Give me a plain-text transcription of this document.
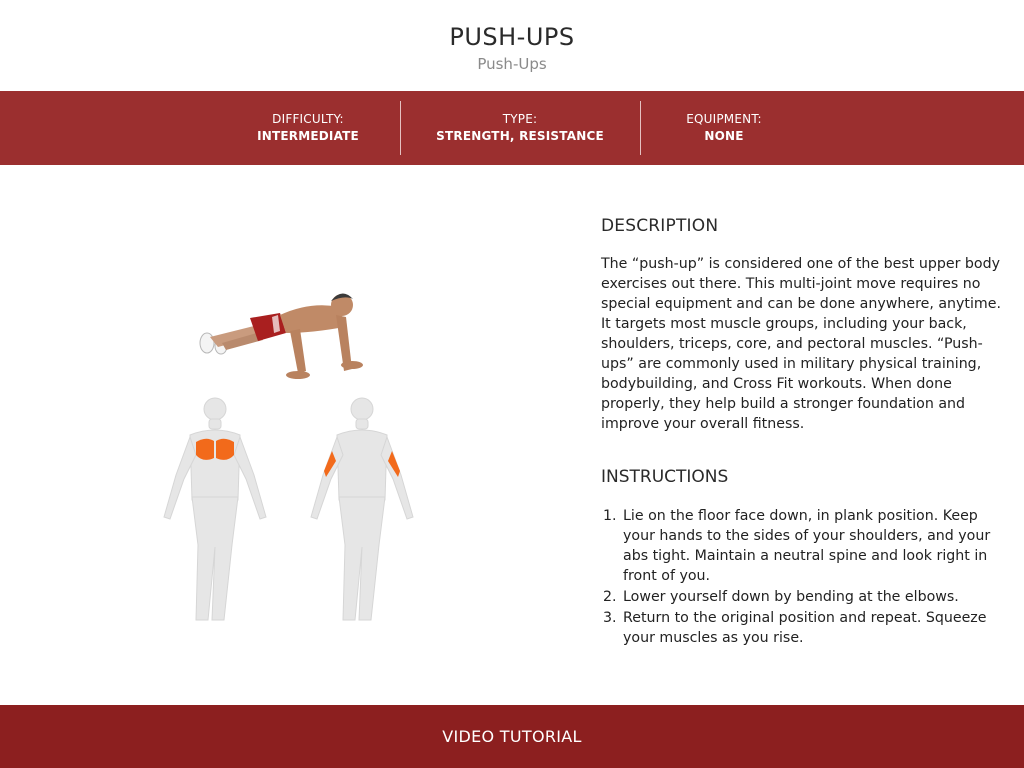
PUSH-UPS
Push-Ups
DIFFICULTY:
INTERMEDIATE
TYPE:
STRENGTH, RESISTANCE
EQUIPMENT:
NONE
DESCRIPTION
The “push-up” is considered one of the best upper body exercises out there. This multi-joint move requires no special equipment and can be done anywhere, anytime. It targets most muscle groups, including your back, shoulders, triceps, core, and pectoral muscles. “Push-ups” are commonly used in military physical training, bodybuilding, and Cross Fit workouts. When done properly, they help build a stronger foundation and improve your overall fitness.
INSTRUCTIONS
1. Lie on the floor face down, in plank position. Keep your hands to the sides of your shoulders, and your abs tight. Maintain a neutral spine and look right in front of you.
2. Lower yourself down by bending at the elbows.
3. Return to the original position and repeat. Squeeze your muscles as you rise.
VIDEO TUTORIAL
